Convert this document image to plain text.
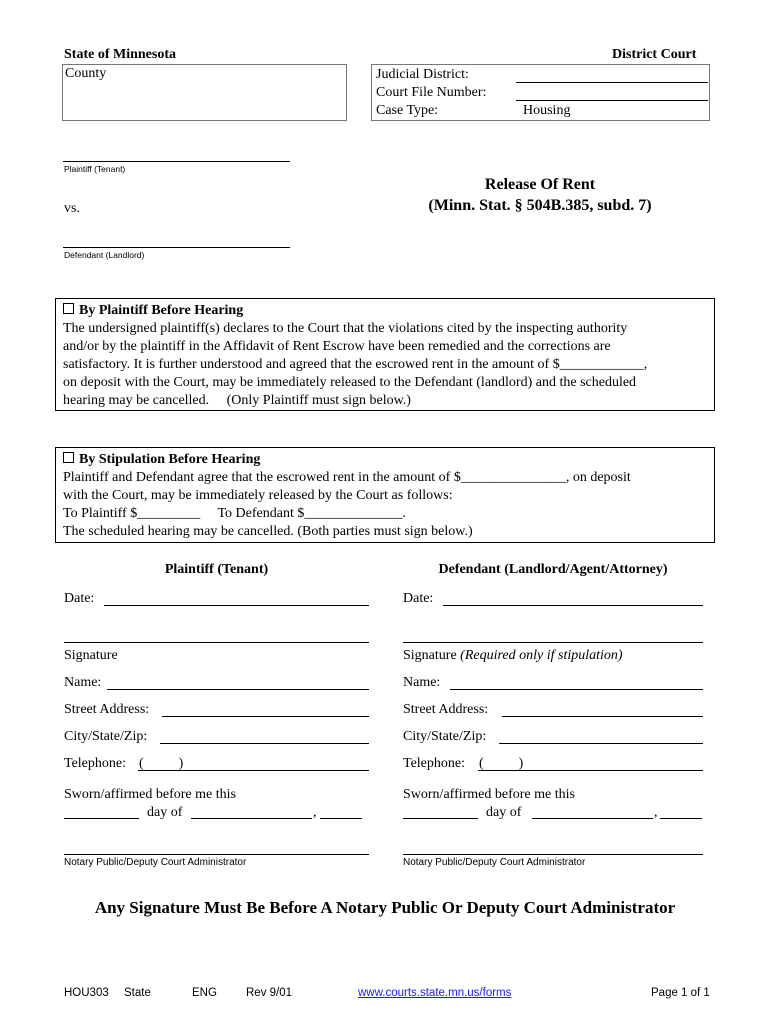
State of Minnesota	District Court
County	Judicial District:
Court File Number:
Case Type:	Housing
Plaintiff (Tenant)
vs.
Defendant (Landlord)
Release Of Rent
(Minn. Stat. § 504B.385, subd. 7)
By Plaintiff Before Hearing
The undersigned plaintiff(s) declares to the Court that the violations cited by the inspecting authority
and/or by the plaintiff in the Affidavit of Rent Escrow have been remedied and the corrections are
satisfactory. It is further understood and agreed that the escrowed rent in the amount of $____________,
on deposit with the Court, may be immediately released to the Defendant (landlord) and the scheduled
hearing may be cancelled.     (Only Plaintiff must sign below.)
By Stipulation Before Hearing
Plaintiff and Defendant agree that the escrowed rent in the amount of $_______________, on deposit
with the Court, may be immediately released by the Court as follows:
To Plaintiff $_________     To Defendant $______________.
The scheduled hearing may be cancelled. (Both parties must sign below.)
Plaintiff (Tenant)	Defendant (Landlord/Agent/Attorney)
Date:
Signature
Name:
Street Address:
City/State/Zip:
Telephone: (          )
Sworn/affirmed before me this
day of	,
Notary Public/Deputy Court Administrator
Date:
Signature (Required only if stipulation)
Name:
Street Address:
City/State/Zip:
Telephone: (          )
Sworn/affirmed before me this
day of	,
Notary Public/Deputy Court Administrator
Any Signature Must Be Before A Notary Public Or Deputy Court Administrator
HOU303 State	ENG	Rev 9/01	www.courts.state.mn.us/forms	Page 1 of 1
